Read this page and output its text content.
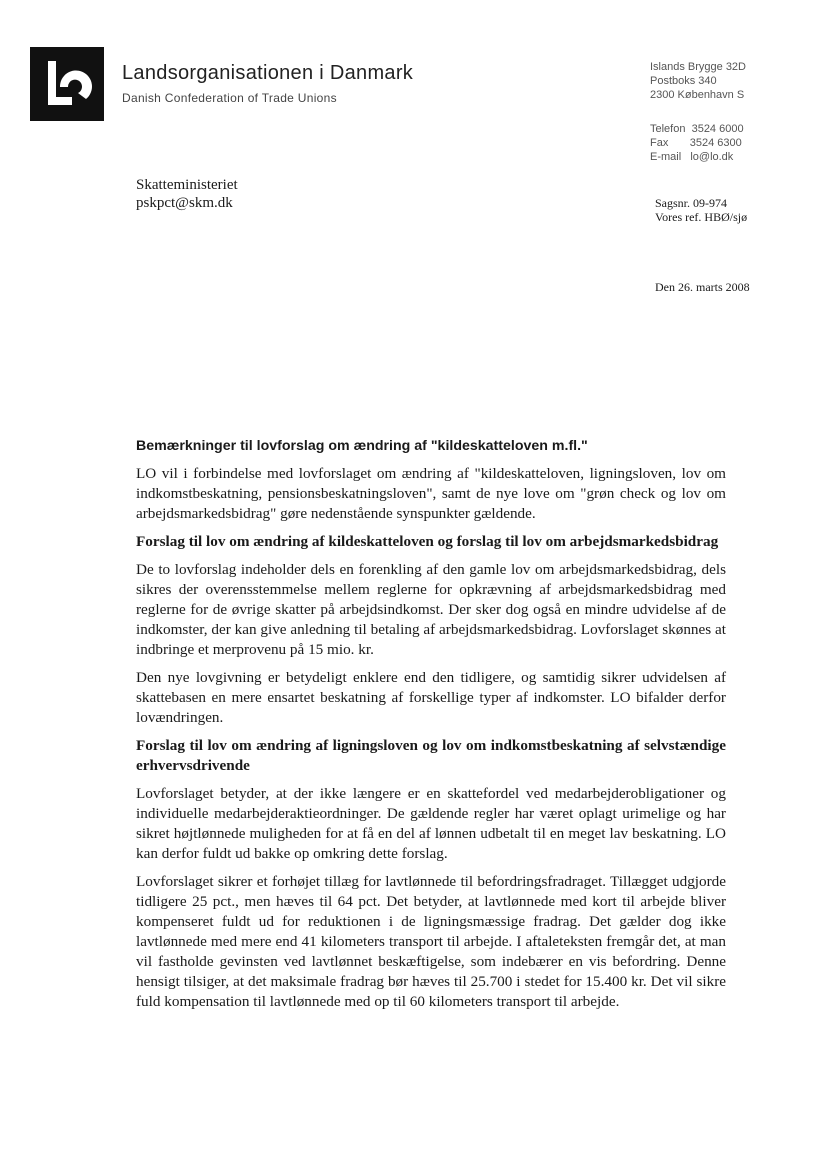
Landsorganisationen i Danmark
Danish Confederation of Trade Unions
Islands Brygge 32D
Postboks 340
2300 København S
Telefon  3524 6000
Fax       3524 6300
E-mail   lo@lo.dk
Skatteministeriet
pskpct@skm.dk	Sagsnr. 09-974
Vores ref. HBØ/sjø
Den 26. marts 2008
Bemærkninger til lovforslag om ændring af "kildeskatteloven m.fl."

LO vil i forbindelse med lovforslaget om ændring af "kildeskatteloven, ligningsloven, lov om indkomstbeskatning, pensionsbeskatningsloven", samt de nye love om "grøn check og lov om arbejdsmarkedsbidrag" gøre nedenstående synspunkter gældende.

Forslag til lov om ændring af kildeskatteloven og forslag til lov om arbejdsmarkedsbidrag

De to lovforslag indeholder dels en forenkling af den gamle lov om arbejdsmarkedsbidrag, dels sikres der overensstemmelse mellem reglerne for opkrævning af arbejdsmarkedsbidrag med reglerne for de øvrige skatter på arbejdsindkomst. Der sker dog også en mindre udvidelse af de indkomster, der kan give anledning til betaling af arbejdsmarkedsbidrag. Lovforslaget skønnes at indbringe et merprovenu på 15 mio. kr.

Den nye lovgivning er betydeligt enklere end den tidligere, og samtidig sikrer udvidelsen af skattebasen en mere ensartet beskatning af forskellige typer af indkomster. LO bifalder derfor lovændringen.

Forslag til lov om ændring af ligningsloven og lov om indkomstbeskatning af selvstændige erhvervsdrivende

Lovforslaget betyder, at der ikke længere er en skattefordel ved medarbejderobligationer og individuelle medarbejderaktieordninger. De gældende regler har været oplagt urimelige og har sikret højtlønnede muligheden for at få en del af lønnen udbetalt til en meget lav beskatning. LO kan derfor fuldt ud bakke op omkring dette forslag.

Lovforslaget sikrer et forhøjet tillæg for lavtlønnede til befordringsfradraget. Tillægget udgjorde tidligere 25 pct., men hæves til 64 pct. Det betyder, at lavtlønnede med kort til arbejde bliver kompenseret fuldt ud for reduktionen i de ligningsmæssige fradrag. Det gælder dog ikke lavtlønnede med mere end 41 kilometers transport til arbejde. I aftaleteksten fremgår det, at man vil fastholde gevinsten ved lavtlønnet beskæftigelse, som indebærer en vis befordring. Denne hensigt tilsiger, at det maksimale fradrag bør hæves til 25.700 i stedet for 15.400 kr. Det vil sikre fuld kompensation til lavtlønnede med op til 60 kilometers transport til arbejde.
